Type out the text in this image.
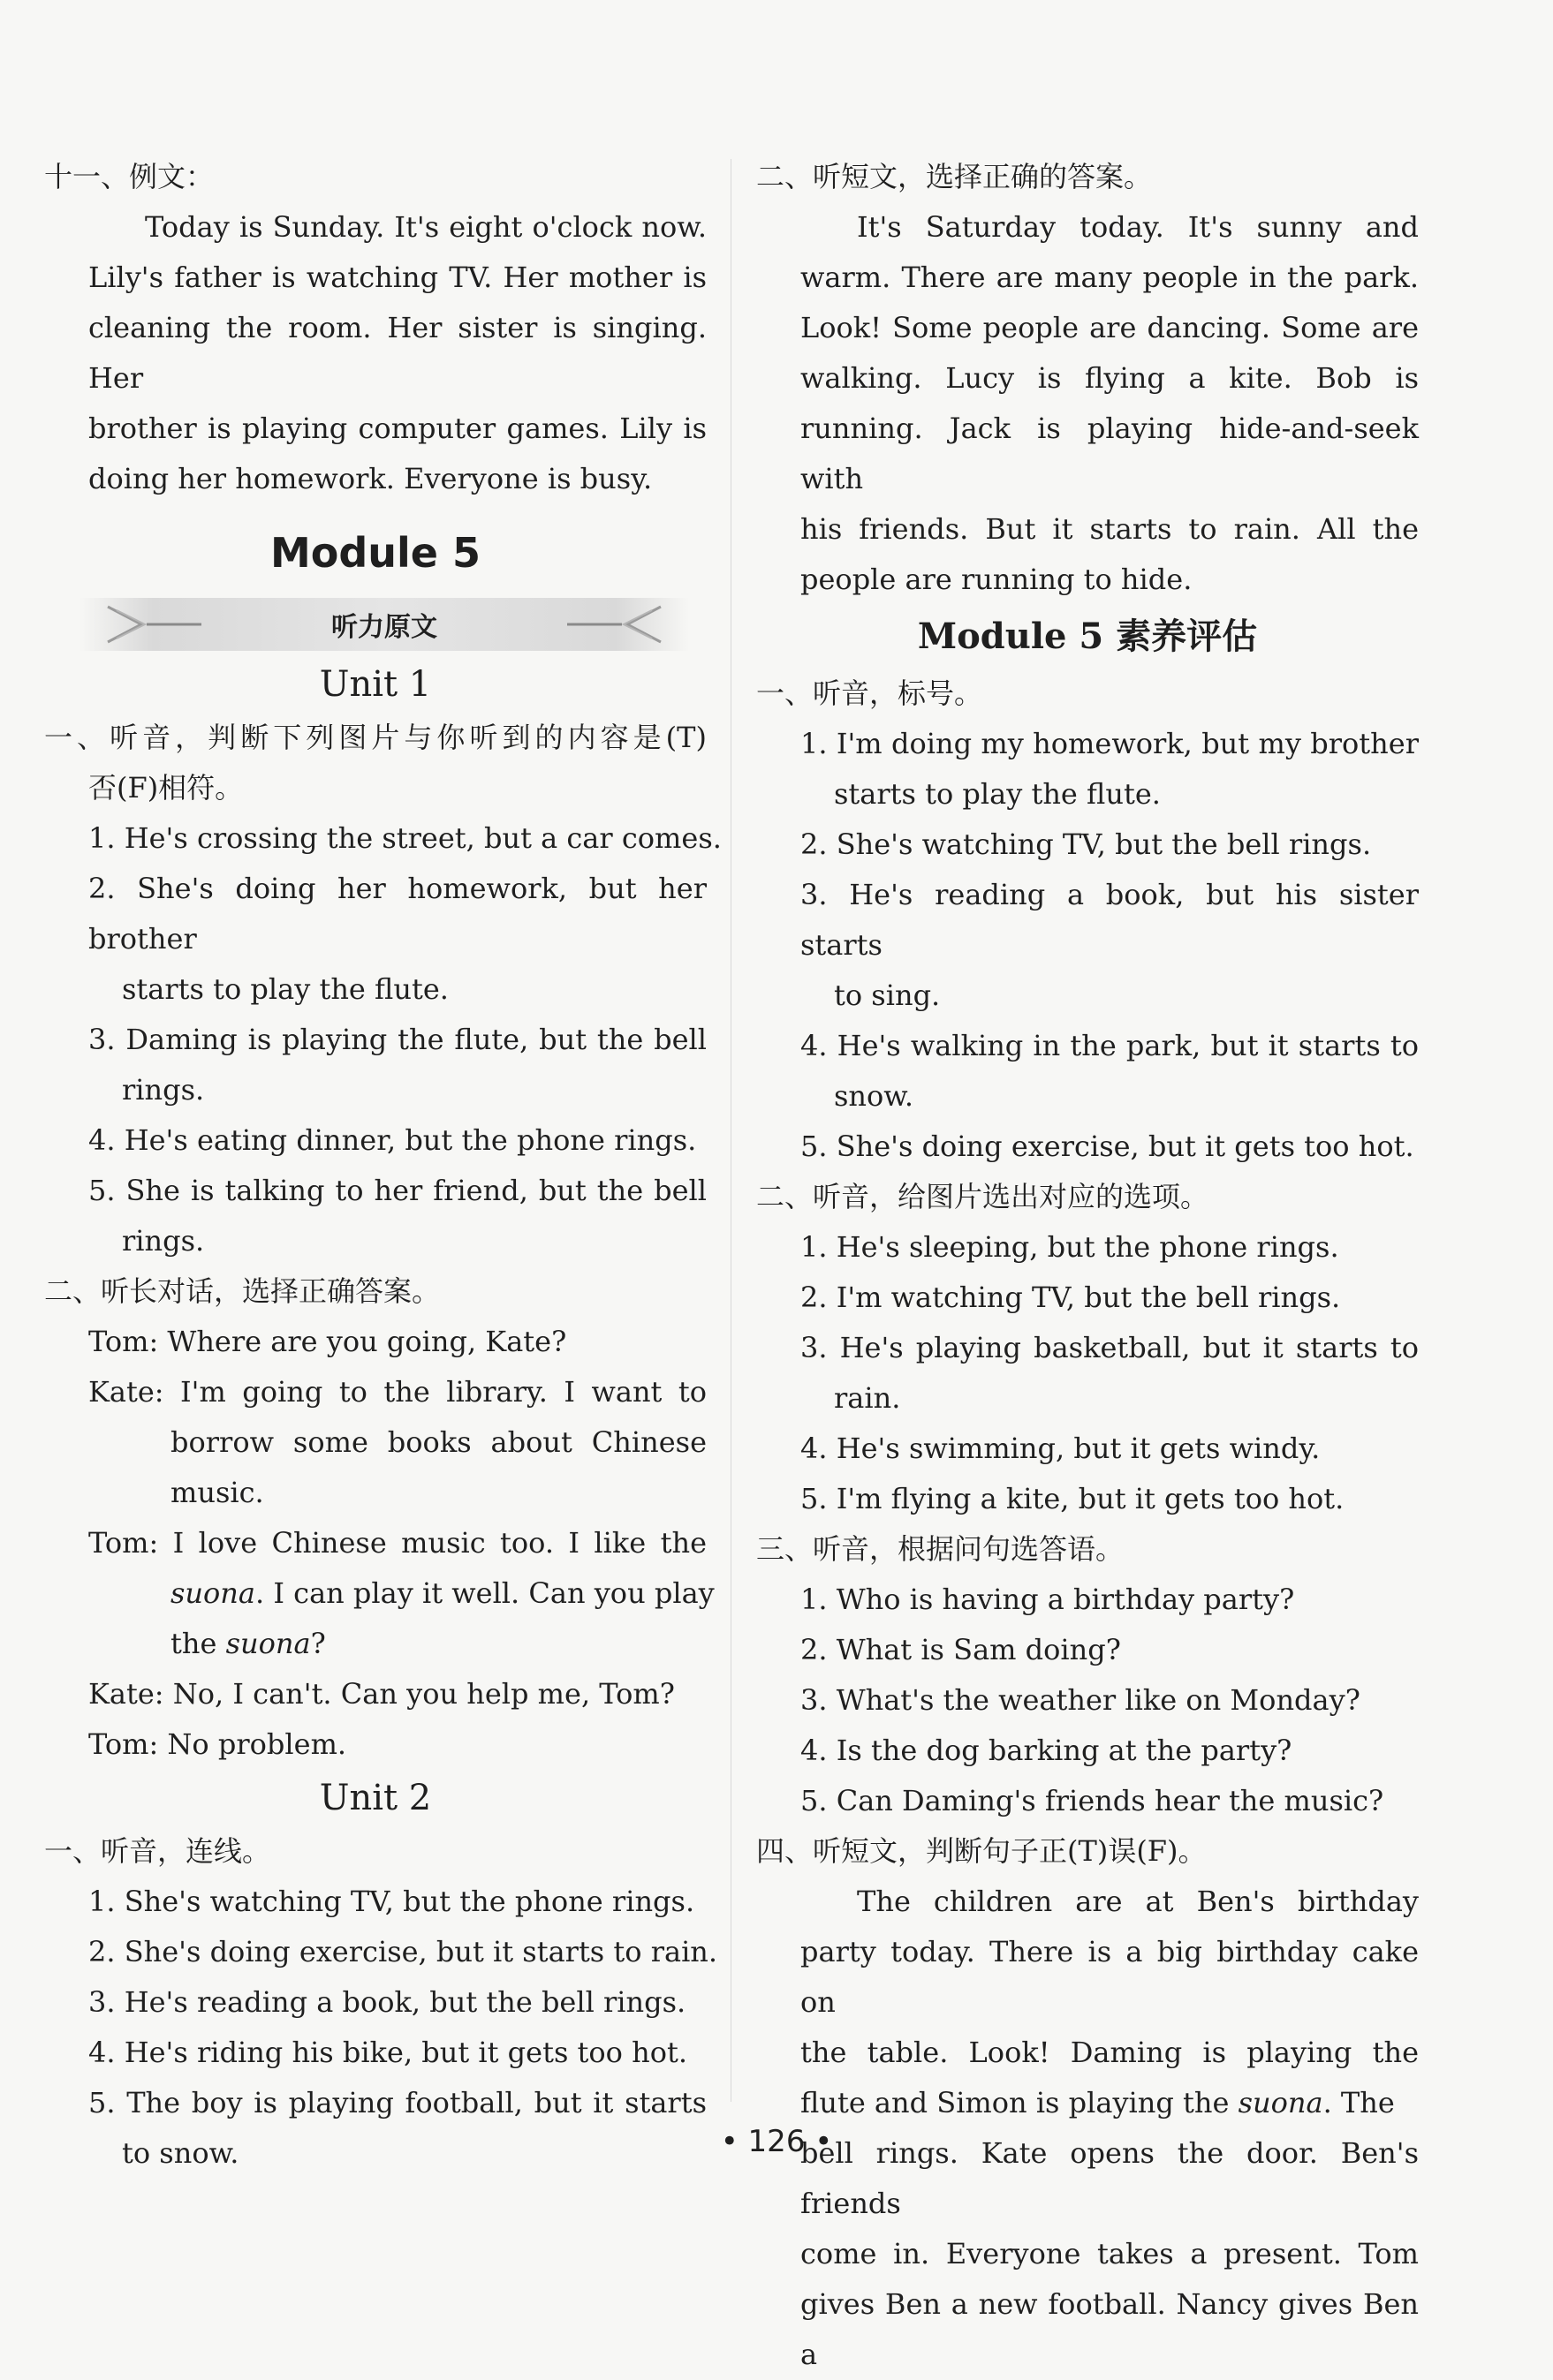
十一、例文：
Today is Sunday. It's eight o'clock now.
Lily's father is watching TV. Her mother is
cleaning the room. Her sister is singing. Her
brother is playing computer games. Lily is
doing her homework. Everyone is busy.
Module 5
听力原文
Unit 1
一、听音，判断下列图片与你听到的内容是(T)
否(F)相符。
1. He's crossing the street, but a car comes.
2. She's doing her homework, but her brother
starts to play the flute.
3. Daming is playing the flute, but the bell
rings.
4. He's eating dinner, but the phone rings.
5. She is talking to her friend, but the bell
rings.
二、听长对话，选择正确答案。
Tom: Where are you going, Kate?
Kate: I'm going to the library. I want to
borrow some books about Chinese
music.
Tom: I love Chinese music too. I like the
suona. I can play it well. Can you play
the suona?
Kate: No, I can't. Can you help me, Tom?
Tom: No problem.
Unit 2
一、听音，连线。
1. She's watching TV, but the phone rings.
2. She's doing exercise, but it starts to rain.
3. He's reading a book, but the bell rings.
4. He's riding his bike, but it gets too hot.
5. The boy is playing football, but it starts
to snow.
二、听短文，选择正确的答案。
It's Saturday today. It's sunny and
warm. There are many people in the park.
Look! Some people are dancing. Some are
walking. Lucy is flying a kite. Bob is
running. Jack is playing hide-and-seek with
his friends. But it starts to rain. All the
people are running to hide.
Module 5 素养评估
一、听音，标号。
1. I'm doing my homework, but my brother
starts to play the flute.
2. She's watching TV, but the bell rings.
3. He's reading a book, but his sister starts
to sing.
4. He's walking in the park, but it starts to
snow.
5. She's doing exercise, but it gets too hot.
二、听音，给图片选出对应的选项。
1. He's sleeping, but the phone rings.
2. I'm watching TV, but the bell rings.
3. He's playing basketball, but it starts to
rain.
4. He's swimming, but it gets windy.
5. I'm flying a kite, but it gets too hot.
三、听音，根据问句选答语。
1. Who is having a birthday party?
2. What is Sam doing?
3. What's the weather like on Monday?
4. Is the dog barking at the party?
5. Can Daming's friends hear the music?
四、听短文，判断句子正(T)误(F)。
The children are at Ben's birthday
party today. There is a big birthday cake on
the table. Look! Daming is playing the
flute and Simon is playing the suona. The
bell rings. Kate opens the door. Ben's friends
come in. Everyone takes a present. Tom
gives Ben a new football. Nancy gives Ben a
• 126 •
